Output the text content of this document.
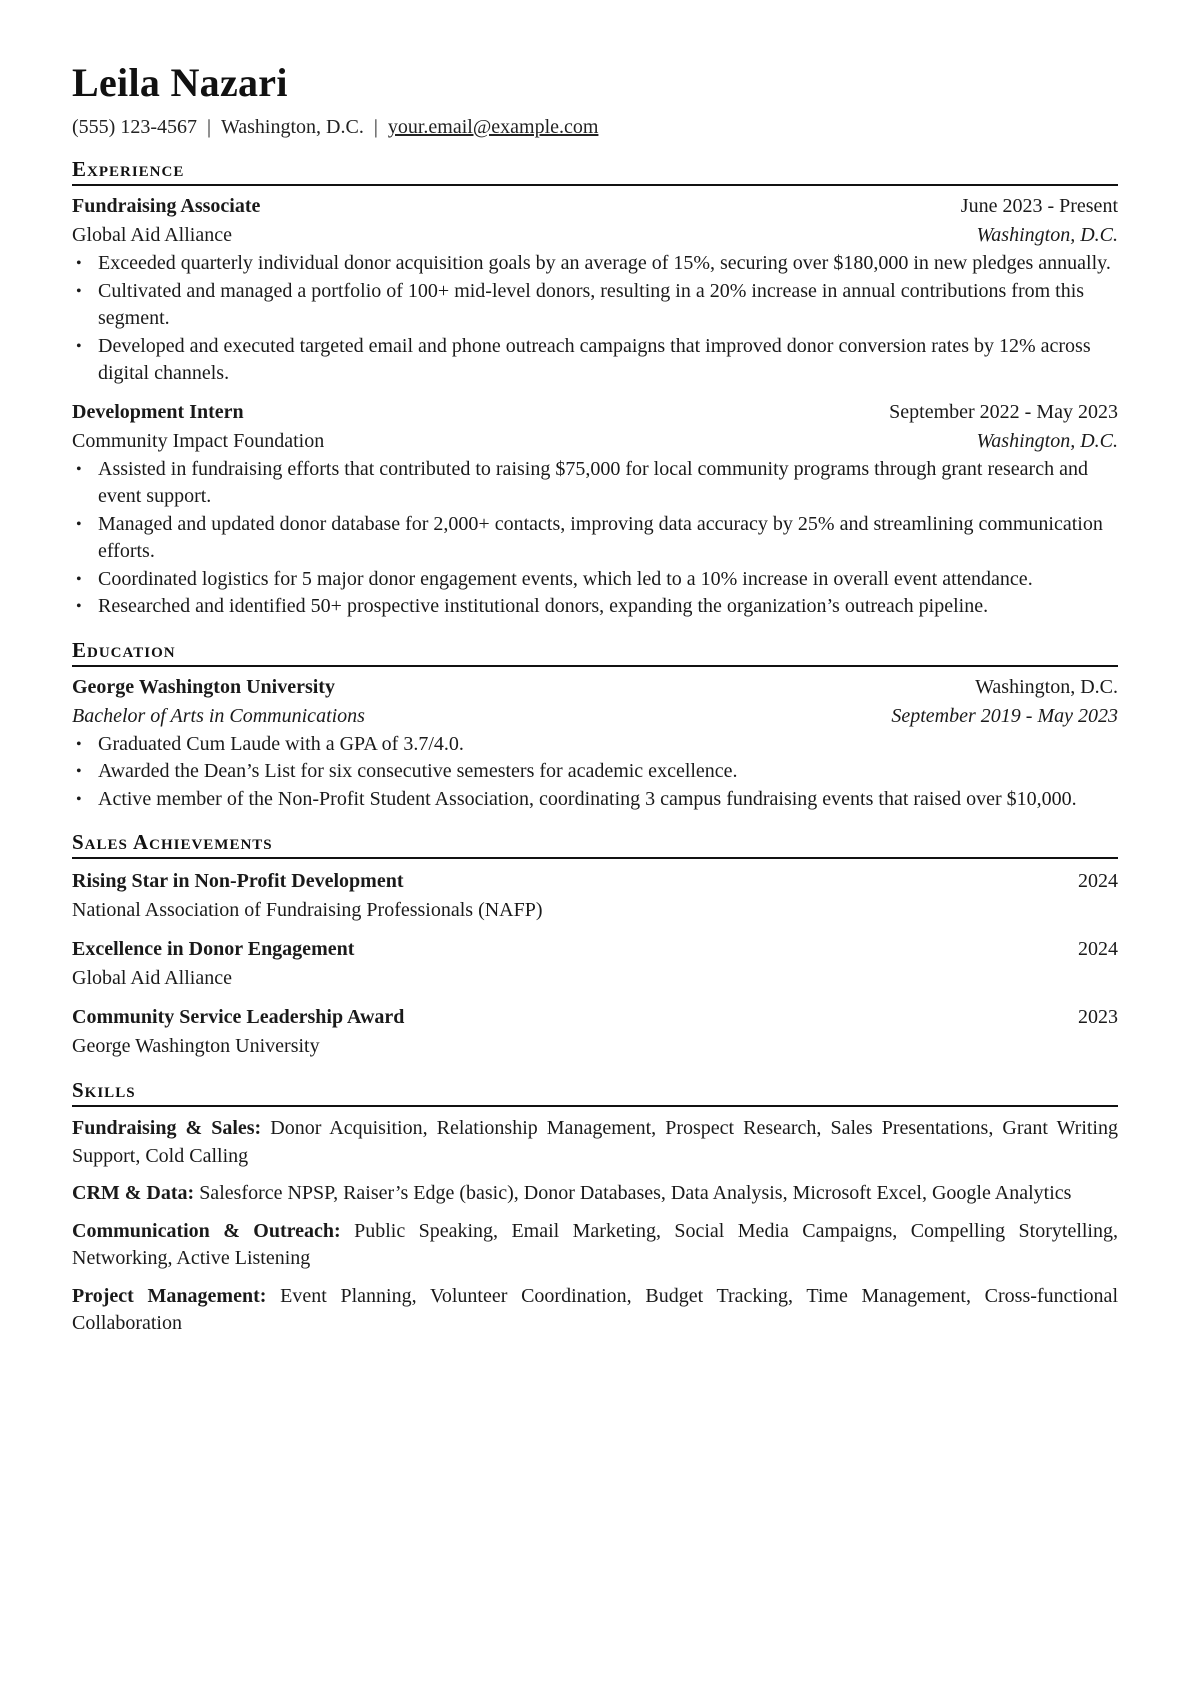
Leila Nazari
(555) 123-4567 | Washington, D.C. | your.email@example.com
Experience
Fundraising Associate	June 2023 - Present
Global Aid Alliance	Washington, D.C.
• Exceeded quarterly individual donor acquisition goals by an average of 15%, securing over $180,000 in new pledges annually.
• Cultivated and managed a portfolio of 100+ mid-level donors, resulting in a 20% increase in annual contributions from this segment.
• Developed and executed targeted email and phone outreach campaigns that improved donor conversion rates by 12% across digital channels.
Development Intern	September 2022 - May 2023
Community Impact Foundation	Washington, D.C.
• Assisted in fundraising efforts that contributed to raising $75,000 for local community programs through grant research and event support.
• Managed and updated donor database for 2,000+ contacts, improving data accuracy by 25% and streamlining communication efforts.
• Coordinated logistics for 5 major donor engagement events, which led to a 10% increase in overall event attendance.
• Researched and identified 50+ prospective institutional donors, expanding the organization’s outreach pipeline.
Education
George Washington University	Washington, D.C.
Bachelor of Arts in Communications	September 2019 - May 2023
• Graduated Cum Laude with a GPA of 3.7/4.0.
• Awarded the Dean’s List for six consecutive semesters for academic excellence.
• Active member of the Non-Profit Student Association, coordinating 3 campus fundraising events that raised over $10,000.
Sales Achievements
Rising Star in Non-Profit Development	2024
National Association of Fundraising Professionals (NAFP)
Excellence in Donor Engagement	2024
Global Aid Alliance
Community Service Leadership Award	2023
George Washington University
Skills
Fundraising & Sales: Donor Acquisition, Relationship Management, Prospect Research, Sales Presentations, Grant Writing Support, Cold Calling
CRM & Data: Salesforce NPSP, Raiser’s Edge (basic), Donor Databases, Data Analysis, Microsoft Excel, Google Analytics
Communication & Outreach: Public Speaking, Email Marketing, Social Media Campaigns, Compelling Storytelling, Networking, Active Listening
Project Management: Event Planning, Volunteer Coordination, Budget Tracking, Time Management, Cross-functional Collaboration
